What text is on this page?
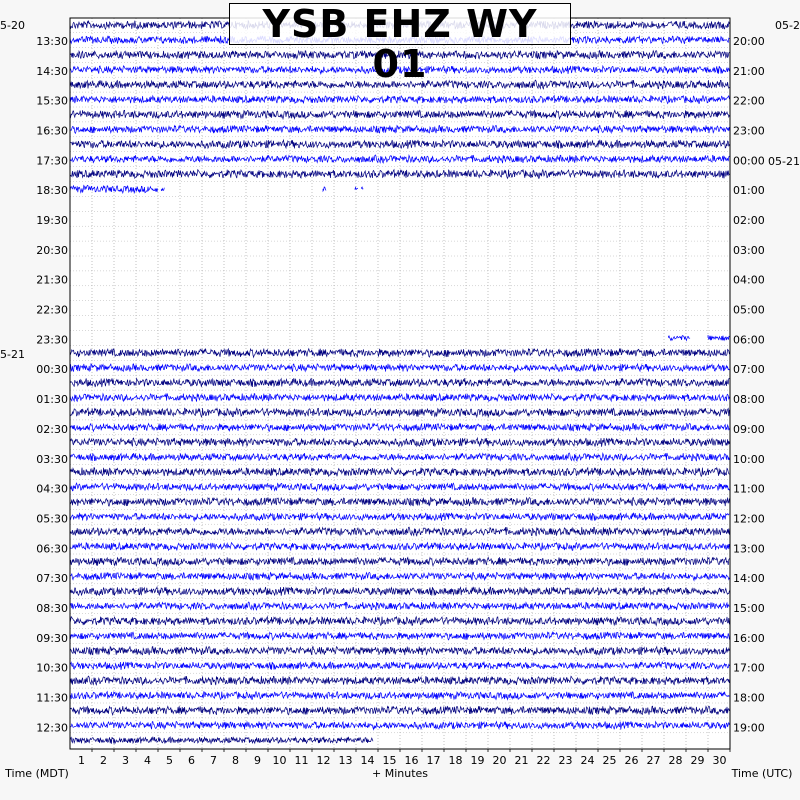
1 2 3 4 5 6 7 8 9 10 11 12 13 14 15 16 17 18 19 20 21 22 23 24 25 26 27 28 29 30
13:30
14:30
15:30
16:30
17:30
18:30
19:30
20:30
21:30
22:30
23:30
00:30
01:30
02:30
03:30
04:30
05:30
06:30
07:30
08:30
09:30
10:30
11:30
12:30
20:00
21:00
22:00
23:00
00:00
01:00
02:00
03:00
04:00
05:00
06:00
07:00
08:00
09:00
10:00
11:00
12:00
13:00
14:00
15:00
16:00
17:00
18:00
19:00
5-20
5-21
05-2
05-21
+ Minutes
Time (MDT)	Time (UTC)
YSB EHZ WY 01
